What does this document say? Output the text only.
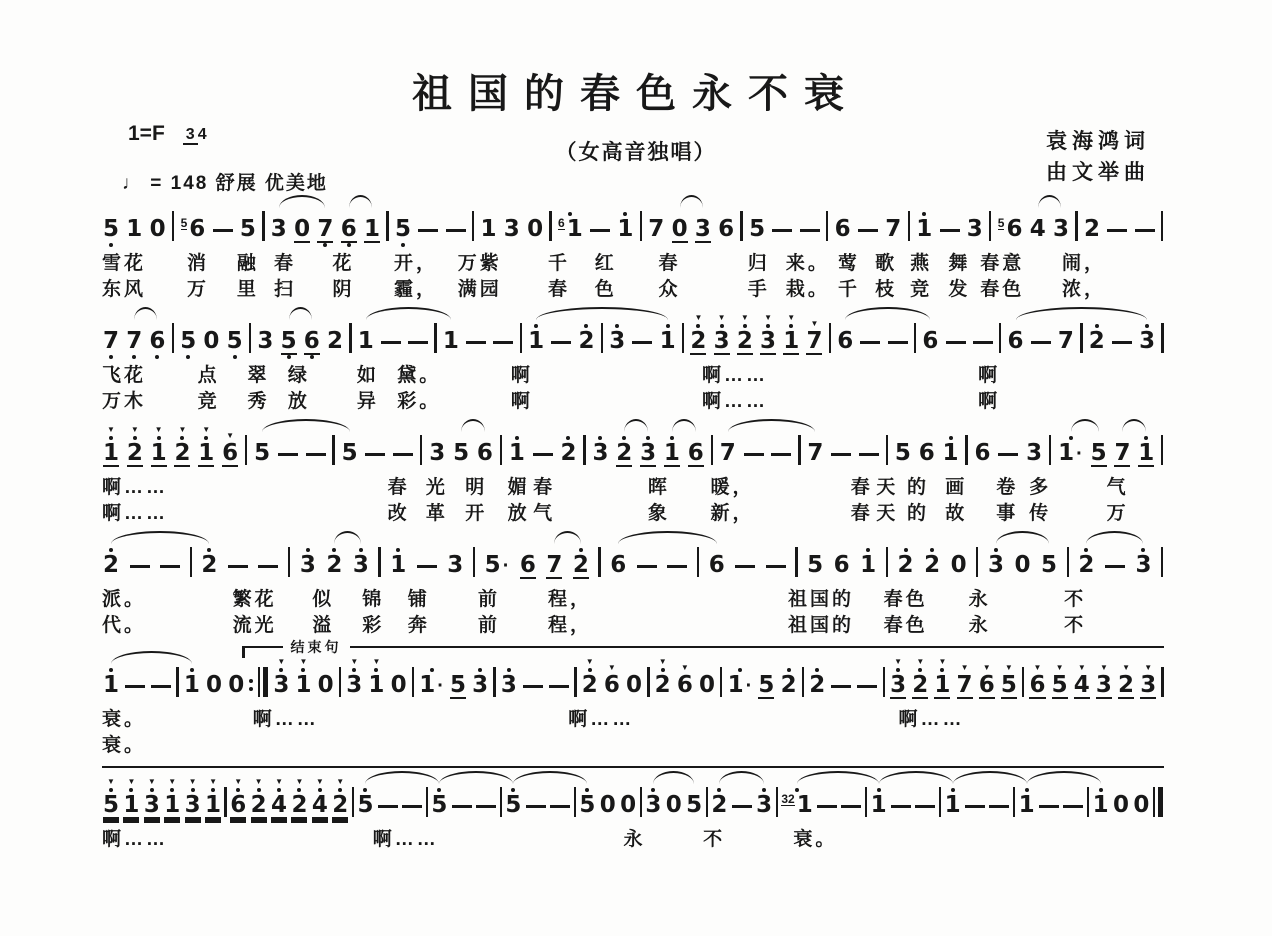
祖国的春色永不衰
（女高音独唱）
1=F 3 4
♩ = 148 舒展 优美地
袁海鸿词
由文举曲
5 1 0 5 6 5 3 0 7 6 1 5	1 3 0 6 1 1 7 0 3 6 5	6 7 1 3 5 6 4 3 2
雪花 消 融 春 花 开， 万紫 千 红 春	归 来。 莺 歌 燕 舞 春意 闹，
东风 万 里 扫 阴 霾， 满园 春 色 众	手 栽。 千 枝 竞 发 春色 浓，
7 7 6 5 0 5 3 5 6 2 1	1	1 2 3 1
▼
2
▼
3
▼
2
▼
3
▼
1
▼
7 6	6	6 7 2 3
飞花	点 翠 绿 如 黛。	啊	啊……	啊
万木	竞 秀 放 异 彩。	啊	啊……	啊
▼
1
▼
2
▼
1
▼
2
▼
1
▼
6 5	5	3 5 6 1 2 3 2 3 1 6 7	7	5 6 1 6 3 1 · 5 7 1
啊……	春 光 明 媚 春	晖 暖，	春 天 的 画 卷 多	气
啊……	改 革 开 放 气	象 新，	春 天 的 故 事 传	万
2	2	3 2 3 1 3 5 · 6 7 2 6	6	5 6 1 2 2 0 3 0 5 2 3
派。	繁花 似 锦 铺	前	程，	祖国的 春色 永	不
代。	流光 溢 彩 奔	前	程，	祖国的 春色 永	不
结束句
1	1 0 0
▼
3
▼
1 0
▼
3
▼
1 0 1 · 5 3 3
▼
2
▼
6 0
▼
2
▼
6 0 1 · 5 2 2
▼
3
▼
2
▼
1
▼
7
▼
6
▼
5
▼
6
▼
5
▼
4
▼
3
▼
2
▼
3
衰。	啊……	啊……	啊……
衰。
▼
5
▼
1
▼
3
▼
1
▼
3
▼
1
▼
6
▼
2
▼
4
▼
2
▼
4
▼
2 5	5	5	5 0 0 3 0 5 2 3 32 1	1	1	1	1 0 0
啊……	啊……	永	不	衰。
